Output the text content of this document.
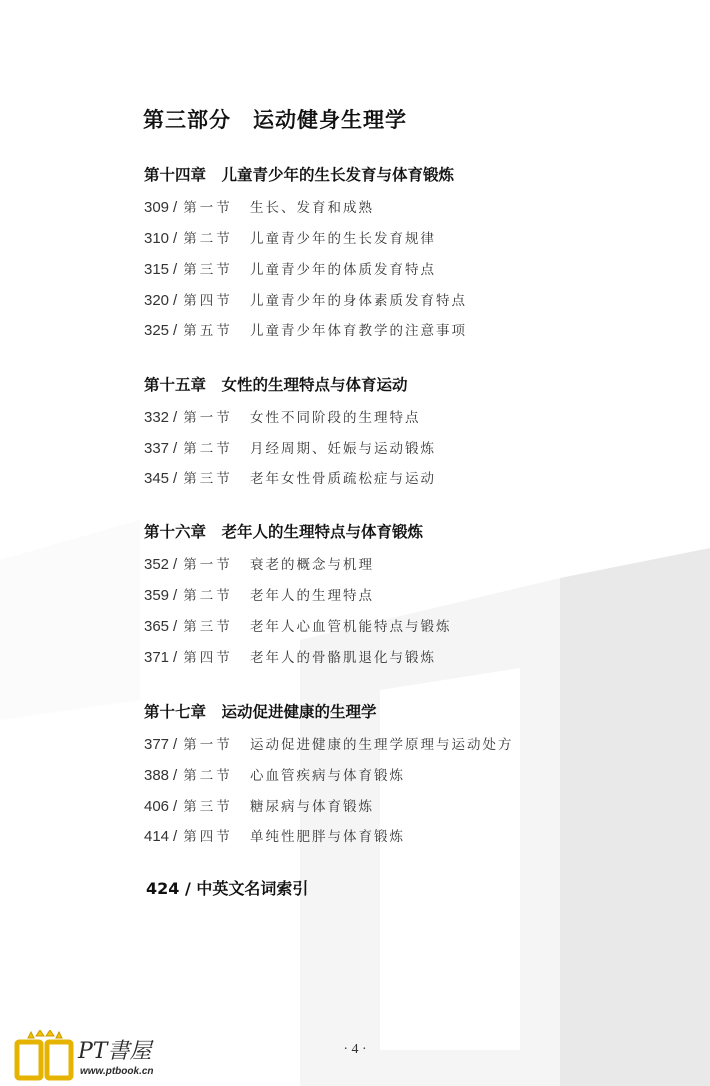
第三部分　运动健身生理学
第十四章　儿童青少年的生长发育与体育锻炼
309 / 第一节 生长、发育和成熟
310 / 第二节 儿童青少年的生长发育规律
315 / 第三节 儿童青少年的体质发育特点
320 / 第四节 儿童青少年的身体素质发育特点
325 / 第五节 儿童青少年体育教学的注意事项
第十五章　女性的生理特点与体育运动
332 / 第一节 女性不同阶段的生理特点
337 / 第二节 月经周期、妊娠与运动锻炼
345 / 第三节 老年女性骨质疏松症与运动
第十六章　老年人的生理特点与体育锻炼
352 / 第一节 衰老的概念与机理
359 / 第二节 老年人的生理特点
365 / 第三节 老年人心血管机能特点与锻炼
371 / 第四节 老年人的骨骼肌退化与锻炼
第十七章　运动促进健康的生理学
377 / 第一节 运动促进健康的生理学原理与运动处方
388 / 第二节 心血管疾病与体育锻炼
406 / 第三节 糖尿病与体育锻炼
414 / 第四节 单纯性肥胖与体育锻炼
424 / 中英文名词索引
· 4 ·
PT書屋
www.ptbook.cn
